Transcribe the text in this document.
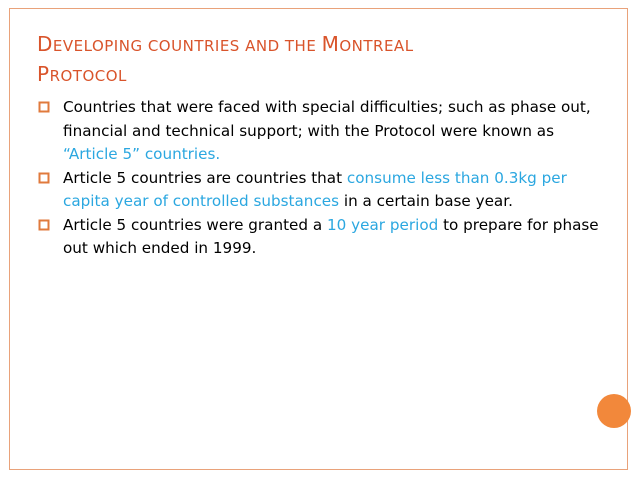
DEVELOPING COUNTRIES AND THE MONTREAL
PROTOCOL
Countries that were faced with special difficulties; such as phase out, financial and technical support; with the Protocol were known as “Article 5” countries.
Article 5 countries are countries that consume less than 0.3kg per capita year of controlled substances in a certain base year.
Article 5 countries were granted a 10 year period to prepare for phase out which ended in 1999.
